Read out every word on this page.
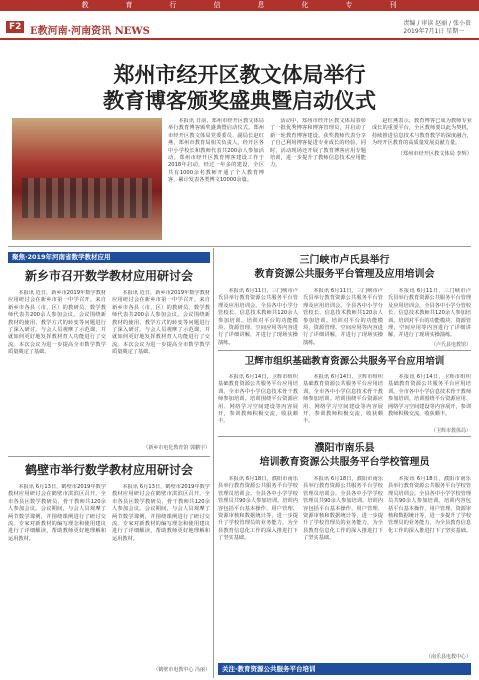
教	育	行	信	息	化	专	刊
F2 E教河南·河南资讯 NEWS
责编 / 审读 赵丽 / 张小贵
2019年7月1日 星期一
郑州市经开区教文体局举行
教育博客颁奖盛典暨启动仪式

本报讯 日前，郑州市经开区教文体局举行教育博客颁奖盛典暨启动仪式。郑州市经开区教文体局党委委员、副局长赵红燕，郑州市教育局相关负责人，经开区各中小学校长和教师代表共200余人参加活动。郑州市经开区教育博客建设工作于2018年启动，经过一年多的建设，全区共有1000余名教师开通了个人教育博客，累计发表各类博文10000余篇。

活动中，郑州市经开区教文体局表彰了一批优秀博客和博客管理员，并启动了新一轮教育博客建设。获奖教师代表分享了自己利用博客促进专业成长的经验。同时，活动现场还开展了教育博客应用专题培训，进一步提升了教师信息技术应用能力。

赵红燕表示，教育博客已成为教师专业成长的重要平台，全区教师要以此为契机，持续推进信息技术与教育教学的深度融合，为经开区教育的高质量发展贡献力量。

（郑州市经开区教文体局 李辉）
聚焦·2019年河南省数学教材应用
新乡市召开数学教材应用研讨会

本报讯 近日，新乡市2019年数学教材应用研讨会在新乡市第一中学召开。来自新乡市各县（市、区）的教研员、数学教师代表共200余人参加会议。会议围绕新教材的使用、教学方式的转变等问题进行了深入研讨。与会人员观摩了示范课，并就如何更好地发挥教材育人功能进行了交流。本次会议为进一步提高全市数学教学质量奠定了基础。

本报讯 近日，新乡市2019年数学教材应用研讨会在新乡市第一中学召开。来自新乡市各县（市、区）的教研员、数学教师代表共200余人参加会议。会议围绕新教材的使用、教学方式的转变等问题进行了深入研讨。与会人员观摩了示范课，并就如何更好地发挥教材育人功能进行了交流。本次会议为进一步提高全市数学教学质量奠定了基础。

（新乡市电化教育馆 郭鹏宇）
鹤壁市举行数学教材应用研讨会

本报讯 6月13日，鹤壁市2019年数学教材应用研讨会在鹤壁市淇滨区召开。全市各县区数学教研员、骨干教师共120余人参加会议。会议期间，与会人员观摩了两节数学课例，并围绕课例进行了研讨交流。专家对新教材的编写理念和使用建议进行了详细解读，帮助教师更好地理解和运用教材。

本报讯 6月13日，鹤壁市2019年数学教材应用研讨会在鹤壁市淇滨区召开。全市各县区数学教研员、骨干教师共120余人参加会议。会议期间，与会人员观摩了两节数学课例，并围绕课例进行了研讨交流。专家对新教材的编写理念和使用建议进行了详细解读，帮助教师更好地理解和运用教材。

（鹤壁市电教中心 冯丽）
三门峡市卢氏县举行
教育资源公共服务平台管理及应用培训会

本报讯 6月11日，三门峡市卢氏县举行教育资源公共服务平台管理及应用培训会。全县各中小学分管校长、信息技术教师共120余人参加培训。培训对平台的功能模块、资源管理、空间应用等内容进行了详细讲解，并进行了现场实操演练。

本报讯 6月11日，三门峡市卢氏县举行教育资源公共服务平台管理及应用培训会。全县各中小学分管校长、信息技术教师共120余人参加培训。培训对平台的功能模块、资源管理、空间应用等内容进行了详细讲解，并进行了现场实操演练。

本报讯 6月11日，三门峡市卢氏县举行教育资源公共服务平台管理及应用培训会。全县各中小学分管校长、信息技术教师共120余人参加培训。培训对平台的功能模块、资源管理、空间应用等内容进行了详细讲解，并进行了现场实操演练。

（卢氏县电教馆）
卫辉市组织基础教育资源公共服务平台应用培训

本报讯 6月14日，卫辉市组织基础教育资源公共服务平台应用培训。全市各中小学信息技术骨干教师参加培训。培训围绕平台资源应用、网络学习空间建设等内容展开，参训教师积极交流，收获颇丰。

本报讯 6月14日，卫辉市组织基础教育资源公共服务平台应用培训。全市各中小学信息技术骨干教师参加培训。培训围绕平台资源应用、网络学习空间建设等内容展开，参训教师积极交流，收获颇丰。

本报讯 6月14日，卫辉市组织基础教育资源公共服务平台应用培训。全市各中小学信息技术骨干教师参加培训。培训围绕平台资源应用、网络学习空间建设等内容展开，参训教师积极交流，收获颇丰。

（卫辉市教体局）
濮阳市南乐县
培训教育资源公共服务平台学校管理员

本报讯 6月18日，濮阳市南乐县举行教育资源公共服务平台学校管理员培训会。全县各中小学学校管理员共90余人参加培训。培训内容包括平台基本操作、用户管理、资源审核和数据统计等，进一步提升了学校管理员的业务能力，为全县教育信息化工作的深入推进打下了坚实基础。

本报讯 6月18日，濮阳市南乐县举行教育资源公共服务平台学校管理员培训会。全县各中小学学校管理员共90余人参加培训。培训内容包括平台基本操作、用户管理、资源审核和数据统计等，进一步提升了学校管理员的业务能力，为全县教育信息化工作的深入推进打下了坚实基础。

本报讯 6月18日，濮阳市南乐县举行教育资源公共服务平台学校管理员培训会。全县各中小学学校管理员共90余人参加培训。培训内容包括平台基本操作、用户管理、资源审核和数据统计等，进一步提升了学校管理员的业务能力，为全县教育信息化工作的深入推进打下了坚实基础。

（南乐县电教中心）
关注·教育资源公共服务平台培训
